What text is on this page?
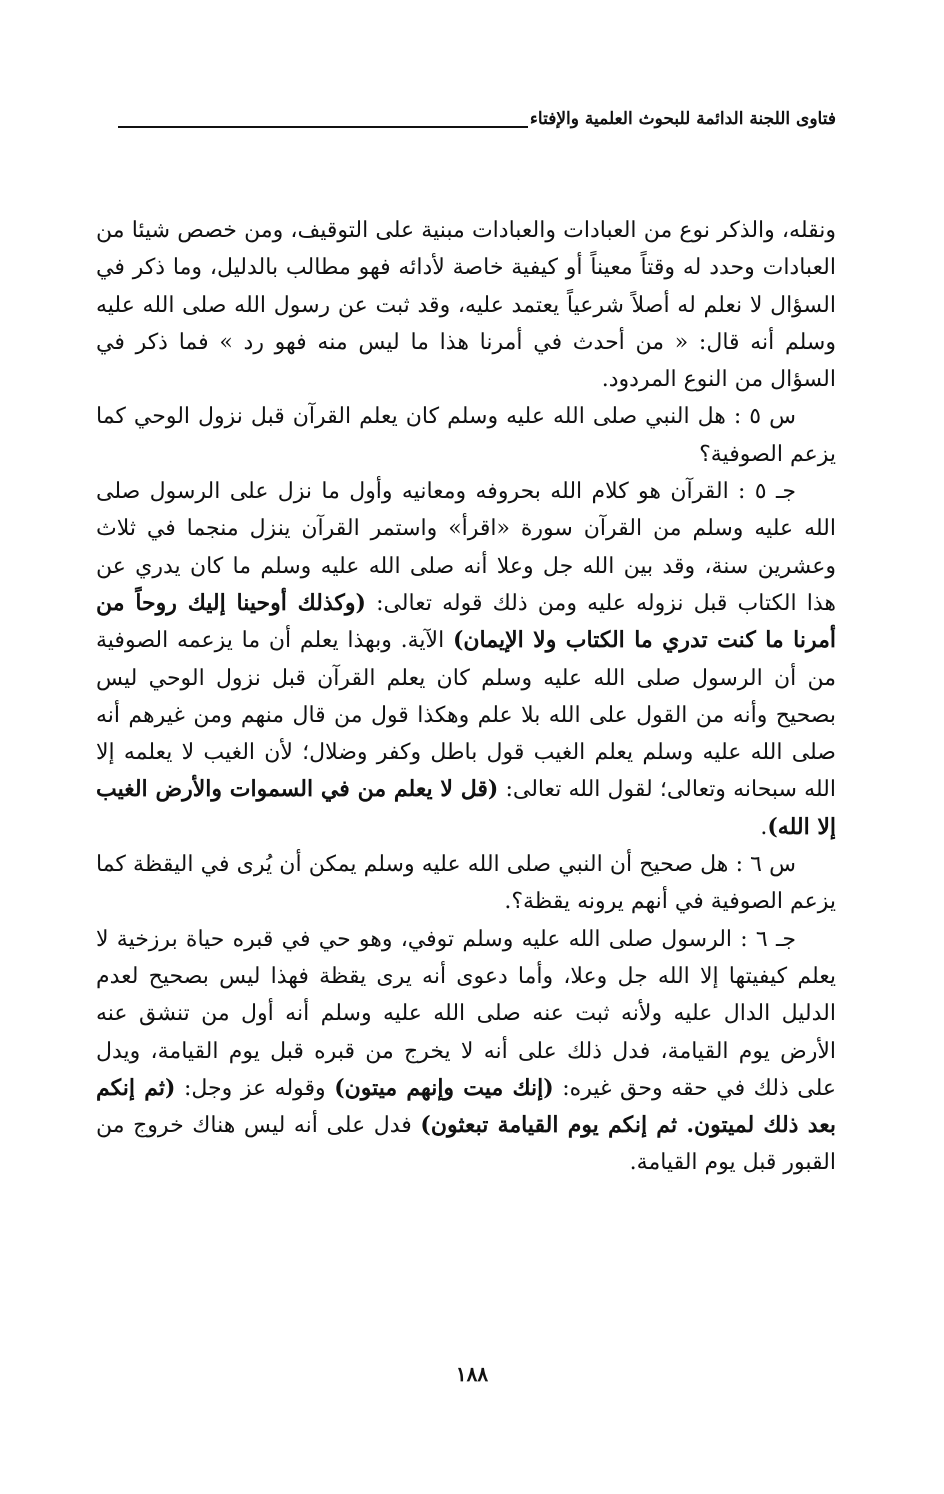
فتاوى اللجنة الدائمة للبحوث العلمية والإفتاء

ونقله، والذكر نوع من العبادات والعبادات مبنية على التوقيف، ومن خصص شيئا من العبادات وحدد له وقتاً معيناً أو كيفية خاصة لأدائه فهو مطالب بالدليل، وما ذكر في السؤال لا نعلم له أصلاً شرعياً يعتمد عليه، وقد ثبت عن رسول الله صلى الله عليه وسلم أنه قال: « من أحدث في أمرنا هذا ما ليس منه فهو رد » فما ذكر في السؤال من النوع المردود.

س ٥ : هل النبي صلى الله عليه وسلم كان يعلم القرآن قبل نزول الوحي كما يزعم الصوفية؟

جـ ٥ : القرآن هو كلام الله بحروفه ومعانيه وأول ما نزل على الرسول صلى الله عليه وسلم من القرآن سورة «اقرأ» واستمر القرآن ينزل منجما في ثلاث وعشرين سنة، وقد بين الله جل وعلا أنه صلى الله عليه وسلم ما كان يدري عن هذا الكتاب قبل نزوله عليه ومن ذلك قوله تعالى: (وكذلك أوحينا إليك روحاً من أمرنا ما كنت تدري ما الكتاب ولا الإيمان) الآية. وبهذا يعلم أن ما يزعمه الصوفية من أن الرسول صلى الله عليه وسلم كان يعلم القرآن قبل نزول الوحي ليس بصحيح وأنه من القول على الله بلا علم وهكذا قول من قال منهم ومن غيرهم أنه صلى الله عليه وسلم يعلم الغيب قول باطل وكفر وضلال؛ لأن الغيب لا يعلمه إلا الله سبحانه وتعالى؛ لقول الله تعالى: (قل لا يعلم من في السموات والأرض الغيب إلا الله).

س ٦ : هل صحيح أن النبي صلى الله عليه وسلم يمكن أن يُرى في اليقظة كما يزعم الصوفية في أنهم يرونه يقظة؟.

جـ ٦ : الرسول صلى الله عليه وسلم توفي، وهو حي في قبره حياة برزخية لا يعلم كيفيتها إلا الله جل وعلا، وأما دعوى أنه يرى يقظة فهذا ليس بصحيح لعدم الدليل الدال عليه ولأنه ثبت عنه صلى الله عليه وسلم أنه أول من تنشق عنه الأرض يوم القيامة، فدل ذلك على أنه لا يخرج من قبره قبل يوم القيامة، ويدل على ذلك في حقه وحق غيره: (إنك ميت وإنهم ميتون) وقوله عز وجل: (ثم إنكم بعد ذلك لميتون. ثم إنكم يوم القيامة تبعثون) فدل على أنه ليس هناك خروج من القبور قبل يوم القيامة.

١٨٨
